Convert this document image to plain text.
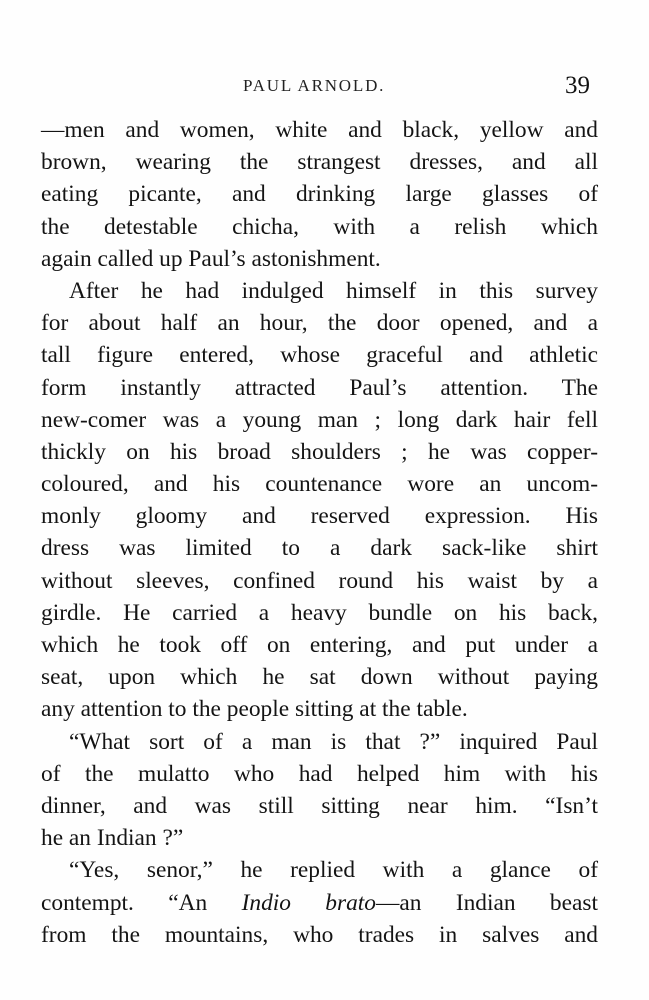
PAUL ARNOLD.	39
—men and women, white and black, yellow and
brown, wearing the strangest dresses, and all
eating picante, and drinking large glasses of
the detestable chicha, with a relish which
again called up Paul’s astonishment.
After he had indulged himself in this survey
for about half an hour, the door opened, and a
tall figure entered, whose graceful and athletic
form instantly attracted Paul’s attention. The
new-comer was a young man ; long dark hair fell
thickly on his broad shoulders ; he was copper-
coloured, and his countenance wore an uncom-
monly gloomy and reserved expression. His
dress was limited to a dark sack-like shirt
without sleeves, confined round his waist by a
girdle. He carried a heavy bundle on his back,
which he took off on entering, and put under a
seat, upon which he sat down without paying
any attention to the people sitting at the table.
“What sort of a man is that ?” inquired Paul
of the mulatto who had helped him with his
dinner, and was still sitting near him. “Isn’t
he an Indian ?”
“Yes, senor,” he replied with a glance of
contempt. “An Indio brato—an Indian beast
from the mountains, who trades in salves and
